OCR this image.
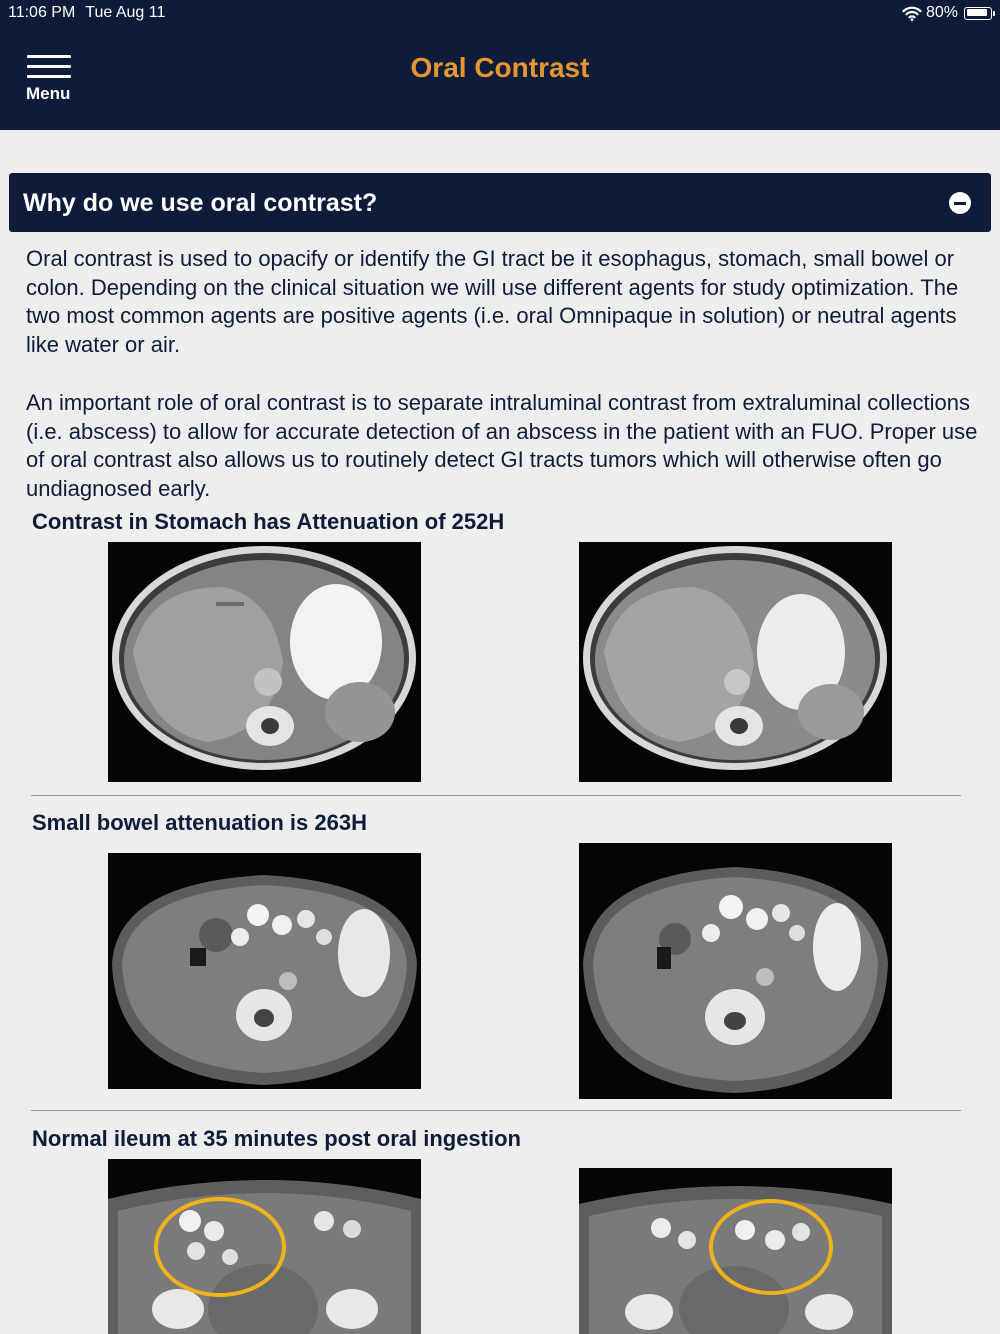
11:06 PM Tue Aug 11	80%
Menu
Oral Contrast
Why do we use oral contrast?

Oral contrast is used to opacify or identify the GI tract be it esophagus, stomach, small bowel or colon. Depending on the clinical situation we will use different agents for study optimization. The two most common agents are positive agents (i.e. oral Omnipaque in solution) or neutral agents like water or air.

An important role of oral contrast is to separate intraluminal contrast from extraluminal collections (i.e. abscess) to allow for accurate detection of an abscess in the patient with an FUO. Proper use of oral contrast also allows us to routinely detect GI tracts tumors which will otherwise often go undiagnosed early.

Contrast in Stomach has Attenuation of 252H
Small bowel attenuation is 263H
Normal ileum at 35 minutes post oral ingestion
